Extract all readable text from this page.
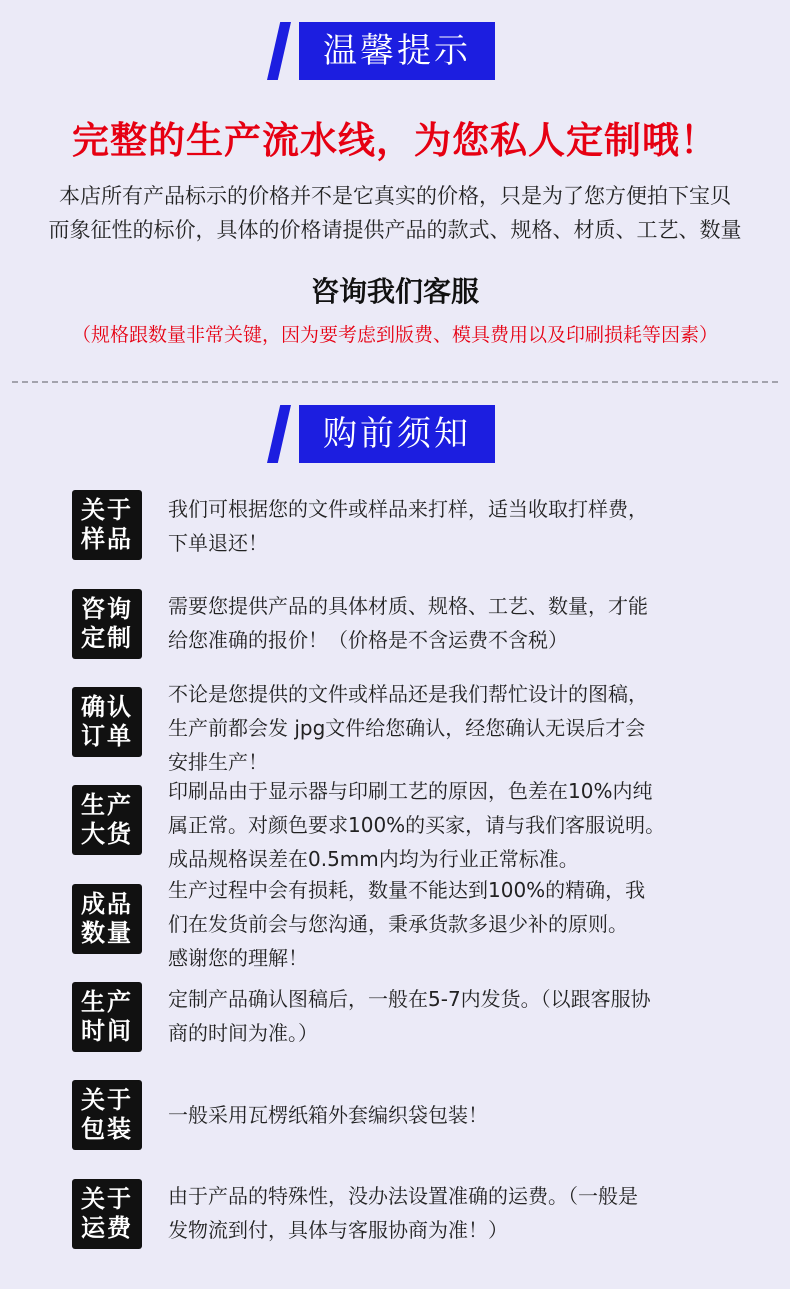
温馨提示
完整的生产流水线，为您私人定制哦！
本店所有产品标示的价格并不是它真实的价格，只是为了您方便拍下宝贝
而象征性的标价，具体的价格请提供产品的款式、规格、材质、工艺、数量
咨询我们客服
（规格跟数量非常关键，因为要考虑到版费、模具费用以及印刷损耗等因素）
购前须知
关于
样品
我们可根据您的文件或样品来打样，适当收取打样费，
下单退还！
咨询
定制
需要您提供产品的具体材质、规格、工艺、数量，才能
给您准确的报价！（价格是不含运费不含税）
确认
订单
不论是您提供的文件或样品还是我们帮忙设计的图稿，
生产前都会发 jpg文件给您确认，经您确认无误后才会
安排生产！
生产
大货
印刷品由于显示器与印刷工艺的原因，色差在10%内纯
属正常。对颜色要求100%的买家，请与我们客服说明。
成品规格误差在0.5mm内均为行业正常标准。
成品
数量
生产过程中会有损耗，数量不能达到100%的精确，我
们在发货前会与您沟通，秉承货款多退少补的原则。
感谢您的理解！
生产
时间
定制产品确认图稿后，一般在5-7内发货。（以跟客服协
商的时间为准。）
关于
包装 一般采用瓦楞纸箱外套编织袋包装！
关于
运费
由于产品的特殊性，没办法设置准确的运费。（一般是
发物流到付，具体与客服协商为准！）
